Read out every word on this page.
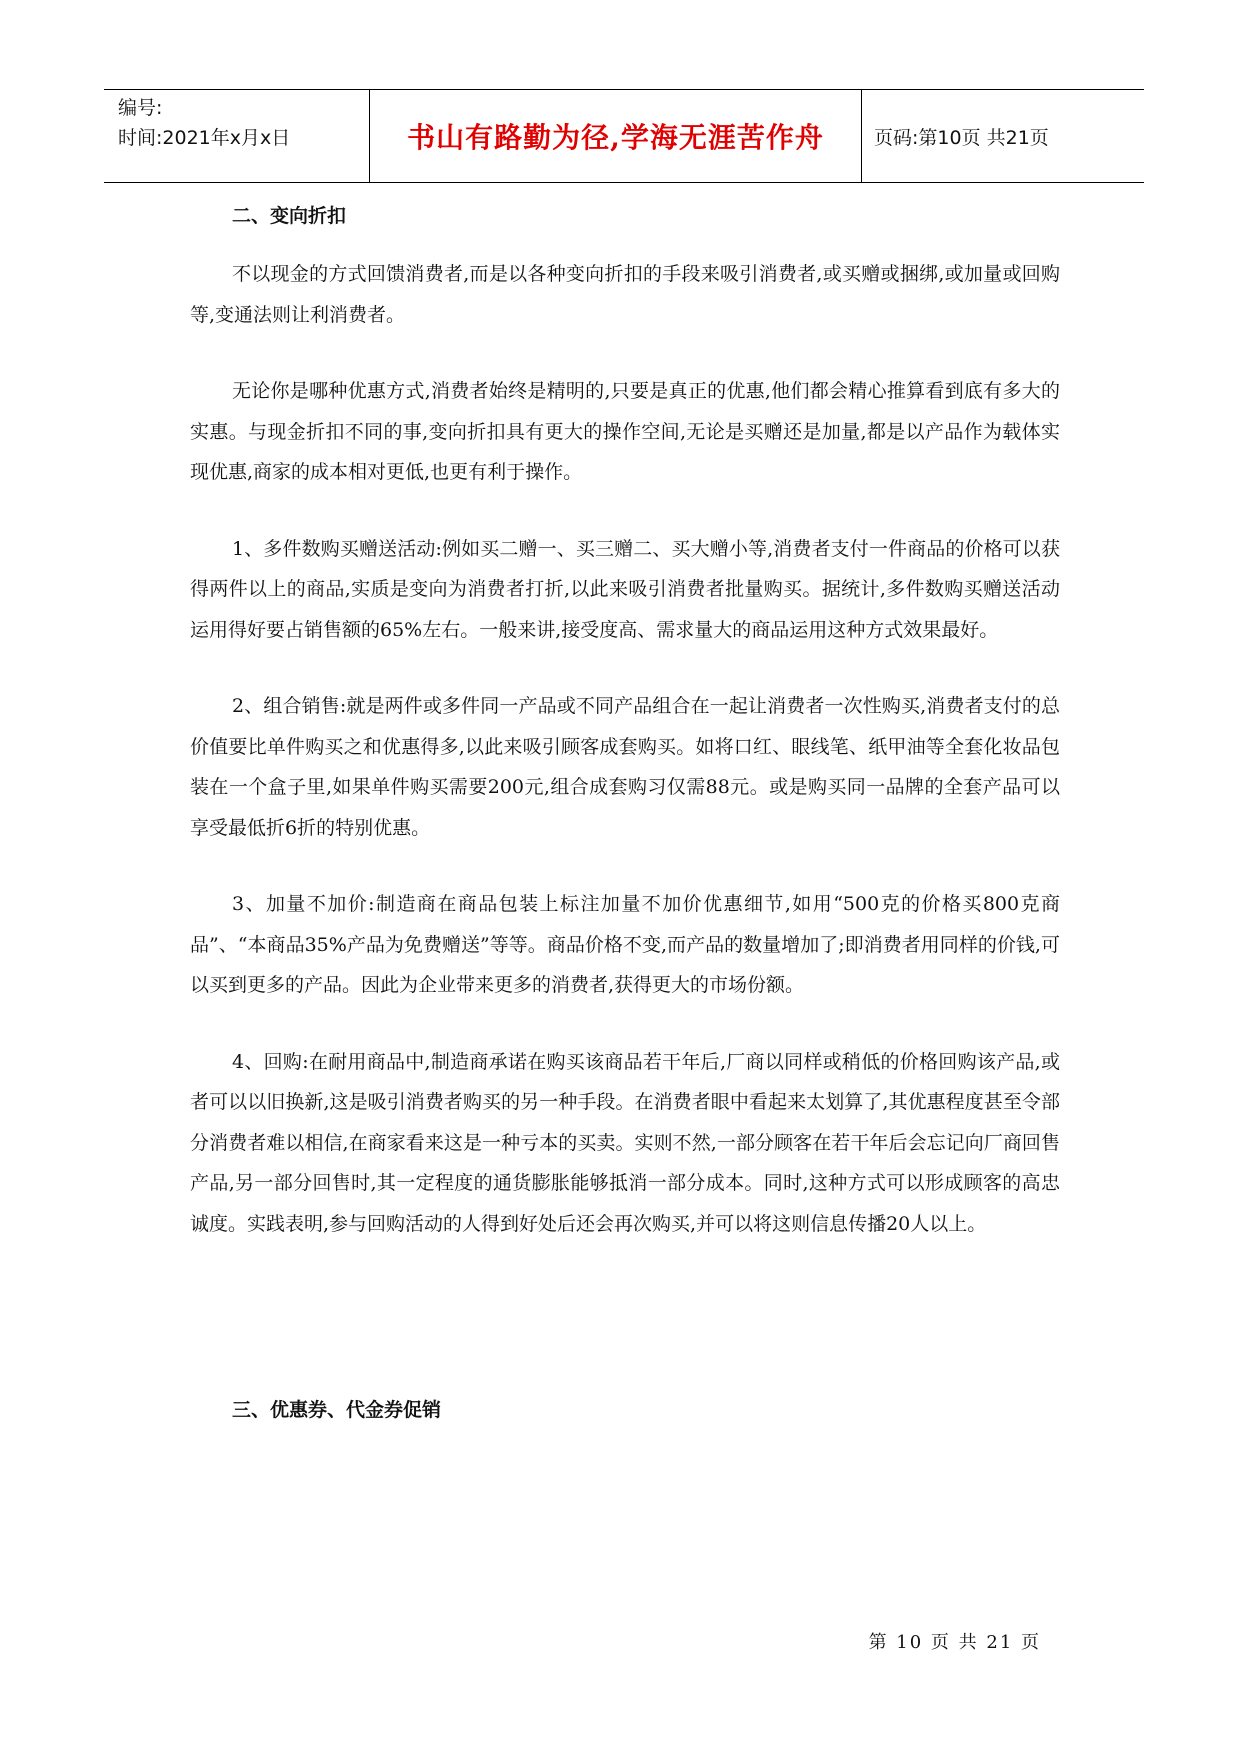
编号:
时间:2021年x月x日	书山有路勤为径,学海无涯苦作舟	页码:第10页 共21页
二、变向折扣

不以现金的方式回馈消费者,而是以各种变向折扣的手段来吸引消费者,或买赠或捆绑,或加量或回购等,变通法则让利消费者。

无论你是哪种优惠方式,消费者始终是精明的,只要是真正的优惠,他们都会精心推算看到底有多大的实惠。与现金折扣不同的事,变向折扣具有更大的操作空间,无论是买赠还是加量,都是以产品作为载体实现优惠,商家的成本相对更低,也更有利于操作。

1、多件数购买赠送活动:例如买二赠一、买三赠二、买大赠小等,消费者支付一件商品的价格可以获得两件以上的商品,实质是变向为消费者打折,以此来吸引消费者批量购买。据统计,多件数购买赠送活动运用得好要占销售额的65%左右。一般来讲,接受度高、需求量大的商品运用这种方式效果最好。

2、组合销售:就是两件或多件同一产品或不同产品组合在一起让消费者一次性购买,消费者支付的总价值要比单件购买之和优惠得多,以此来吸引顾客成套购买。如将口红、眼线笔、纸甲油等全套化妆品包装在一个盒子里,如果单件购买需要200元,组合成套购习仅需88元。或是购买同一品牌的全套产品可以享受最低折6折的特别优惠。

3、加量不加价:制造商在商品包装上标注加量不加价优惠细节,如用“500克的价格买800克商品”、“本商品35%产品为免费赠送”等等。商品价格不变,而产品的数量增加了;即消费者用同样的价钱,可以买到更多的产品。因此为企业带来更多的消费者,获得更大的市场份额。

4、回购:在耐用商品中,制造商承诺在购买该商品若干年后,厂商以同样或稍低的价格回购该产品,或者可以以旧换新,这是吸引消费者购买的另一种手段。在消费者眼中看起来太划算了,其优惠程度甚至令部分消费者难以相信,在商家看来这是一种亏本的买卖。实则不然,一部分顾客在若干年后会忘记向厂商回售产品,另一部分回售时,其一定程度的通货膨胀能够抵消一部分成本。同时,这种方式可以形成顾客的高忠诚度。实践表明,参与回购活动的人得到好处后还会再次购买,并可以将这则信息传播20人以上。

三、优惠券、代金券促销
第 10 页 共 21 页
